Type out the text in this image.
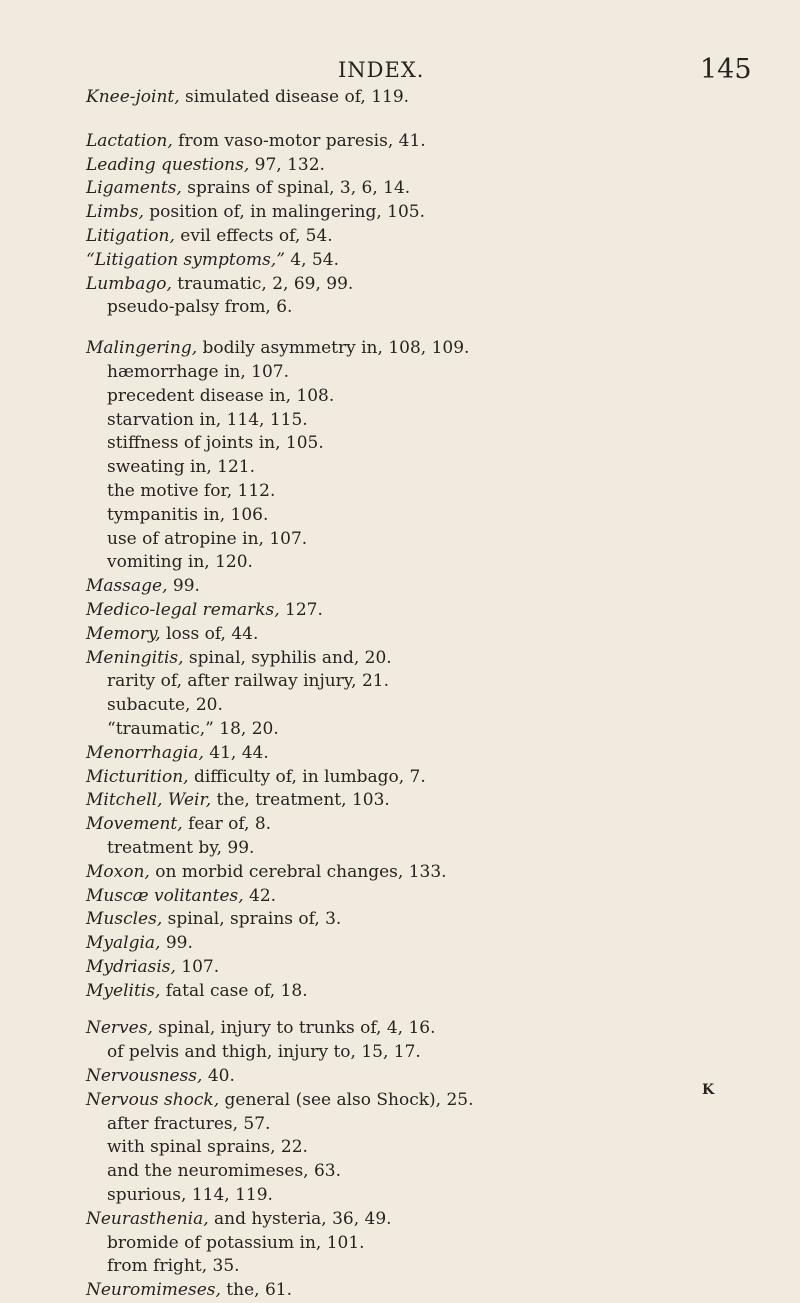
INDEX.	145
Knee-joint, simulated disease of, 119.
Lactation, from vaso-motor paresis, 41.
Leading questions, 97, 132.
Ligaments, sprains of spinal, 3, 6, 14.
Limbs, position of, in malingering, 105.
Litigation, evil effects of, 54.
“Litigation symptoms,” 4, 54.
Lumbago, traumatic, 2, 69, 99.
pseudo-palsy from, 6.
Malingering, bodily asymmetry in, 108, 109.
hæmorrhage in, 107.
precedent disease in, 108.
starvation in, 114, 115.
stiffness of joints in, 105.
sweating in, 121.
the motive for, 112.
tympanitis in, 106.
use of atropine in, 107.
vomiting in, 120.
Massage, 99.
Medico-legal remarks, 127.
Memory, loss of, 44.
Meningitis, spinal, syphilis and, 20.
rarity of, after railway injury, 21.
subacute, 20.
“traumatic,” 18, 20.
Menorrhagia, 41, 44.
Micturition, difficulty of, in lumbago, 7.
Mitchell, Weir, the, treatment, 103.
Movement, fear of, 8.
treatment by, 99.
Moxon, on morbid cerebral changes, 133.
Muscæ volitantes, 42.
Muscles, spinal, sprains of, 3.
Myalgia, 99.
Mydriasis, 107.
Myelitis, fatal case of, 18.
Nerves, spinal, injury to trunks of, 4, 16.
of pelvis and thigh, injury to, 15, 17.
Nervousness, 40.
Nervous shock, general (see also Shock), 25.
after fractures, 57.
with spinal sprains, 22.
and the neuromimeses, 63.
spurious, 114, 119.
Neurasthenia, and hysteria, 36, 49.
bromide of potassium in, 101.
from fright, 35.
Neuromimeses, the, 61.
K
